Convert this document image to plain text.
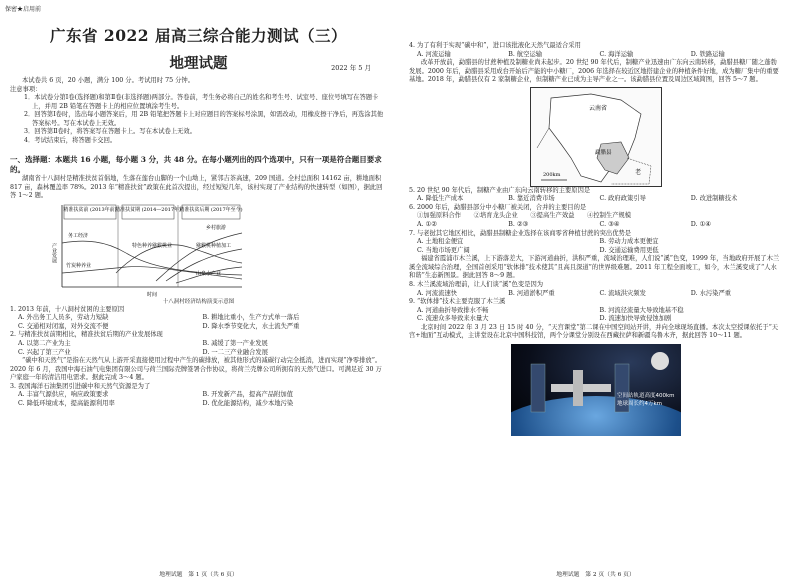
保密★启用前
广东省 2022 届高三综合能力测试（三）
地理试题	2022 年 5 月

本试卷共 6 页，20 小题，满分 100 分。考试用时 75 分钟。

注意事项：

1．本试卷分第Ⅰ卷(选择题)和第Ⅱ卷(非选择题)两部分。答卷前，考生务必将自己的姓名和考生号、试室号、座位号填写在答题卡上，并用 2B 铅笔在答题卡上的相应位置填涂考生号。

2．回答第Ⅰ卷时，选出每小题答案后，用 2B 铅笔把答题卡上对应题目的答案标号涂黑，如需改动，用橡皮擦干净后，再选涂其他答案标号。写在本试卷上无效。

3．回答第Ⅱ卷时，将答案写在答题卡上。写在本试卷上无效。

4．考试结束后，将答题卡交回。

一、选择题：本题共 16 小题，每小题 3 分，共 48 分。在每小题列出的四个选项中，只有一项是符合题目要求的。

湖南省十八洞村是精准扶贫首倡地，生落在莲台山脚的一个山坳上，紧邻吉茶高速，209 国道。全村总面积 14162 亩，耕地面积 817 亩，森林覆盖率 78%。2013 年“精准扶贫”政策在此首次提出，经过短短几年，该村实现了产业结构的快速转型（如图），据此回答 1～2 题。

精准扶贫前 (2013年前)
精准扶贫期 (2014—2017年)
精准扶贫后期 (2017年至今)
务工经济
竹炭种养业
特色种养猕猴桃业
乡村旅游
猕猴桃种植加工
山泉水产业
产业发展
时间
十八洞村经济结构演变示意图

1. 2013 年前，十八洞村贫困的主要原因

A. 外出务工人员多，劳动力短缺	B. 耕地比重小，生产方式单一落后
C. 交通相对闭塞，对外交流不便	D. 降水季节变化大，水土流失严重

2. 与精准扶贫前期相比，精准扶贫后期的产业发展体现

A. 以第二产业为主	B. 减缓了第一产业发展
C. 兴起了第三产业	D. 一二三产业融合发展

“碳中和天然气”是指在天然气从上游开采直接使用过程中产生的碳排放，被其他形式的减碳行动完全抵消，进而实现“净零排放”。2020 年 6 月，我国中海石油气电集团有限公司与荷兰国际壳牌签署合作协议，将荷兰壳牌公司所拥有的天然气进口。可满足近 30 万户家庭一年的清洁用电需求。据此完成 3～4 题。

3. 我国海洋石油集团引进碳中和天然气资源是为了

A. 丰富气源供应，响应政策要求	B. 开发新产品，提高产品附加值
C. 降低环境成本，提高能源利用率	D. 优化能源结构，减少本地污染
地理试题　第 1 页（共 6 页）

4. 为了有利于实现“碳中和”，进口该批液化天然气最适合采用

A. 河流运输	B. 航空运输	C. 海洋运输	D. 铁路运输

改革开放前，勐腊县的甘蔗种植及制糖业尚未起步。20 世纪 90 年代后，制糖产业迅速由广东向云南转移，勐腊县糖厂随之蓬勃发展。2000 年后，勐腊县采用成台开始后产能的中小糖厂，2006 年选择在较近区地搭建企业的种植条件好地，成为糖厂集中的重要基地。2018 年，勐腊县仅有 2 家制糖企业，但制糖产业已成为主导产业之一。该勐腊县位置及周边区域简图，回答 5～7 题。

云南省
勐腊县
老
200km

5. 20 世纪 90 年代后，制糖产业由广东向云南转移的主要原因是

A. 降低生产成本	B. 靠近消费市场	C. 政府政策引导	D. 改进制糖技术

6. 2000 年后，勐腊县部分中小糖厂被关闭，合并的主要目的是

①加强原料合作　　②培育龙头企业　　③提高生产效益　　④控制生产规模

A. ①②	B. ②③	C. ③④	D. ①④

7. 与老挝其它地区相比，勐腊县制糖企业选择在该商零省种植甘蔗的突出优势是

A. 土地租金便宜	B. 劳动力成本更便宜
C. 当地市场更广阔	D. 交通运输费用更低

福建省霞浦市木兰溪，上下游落差大，下游河道曲折，洪积严重，流域治理难，人们说“溪”色变，1999 年，当地政府开展了木兰溪全流域综合治理，全国首创采用“软体排”技术使其“且高且深道”的世界级难题。2011 年工程全面竣工，如今，木兰溪变成了“人水和谐”生态新图景。据此回答 8～9 题。

8. 木兰溪流域治理前，让人们谈“溪”色变是因为

A. 河流流速快	B. 河道淤积严重	C. 流域洪灾频发	D. 水污染严重

9. “软体排”技术主要克服了木兰溪

A. 河道曲折导致排水不畅	B. 河流径流量大导致地基不稳
C. 流速众多导致来水量大	D. 流速加快导致侵蚀加剧

北京时间 2022 年 3 月 23 日 15 时 40 分，“天宫课堂”第二课在中国空间站开讲，并向全球现场直播。本次太空授课依托于“天宫+地面”互动模式，主讲堂设在北京中国科技馆，两个分课堂分别设在西藏拉萨和新疆乌鲁木齐，据此回答 10～11 题。

空间站轨道高度400km
地球周长约4万km
地理试题　第 2 页（共 6 页）
